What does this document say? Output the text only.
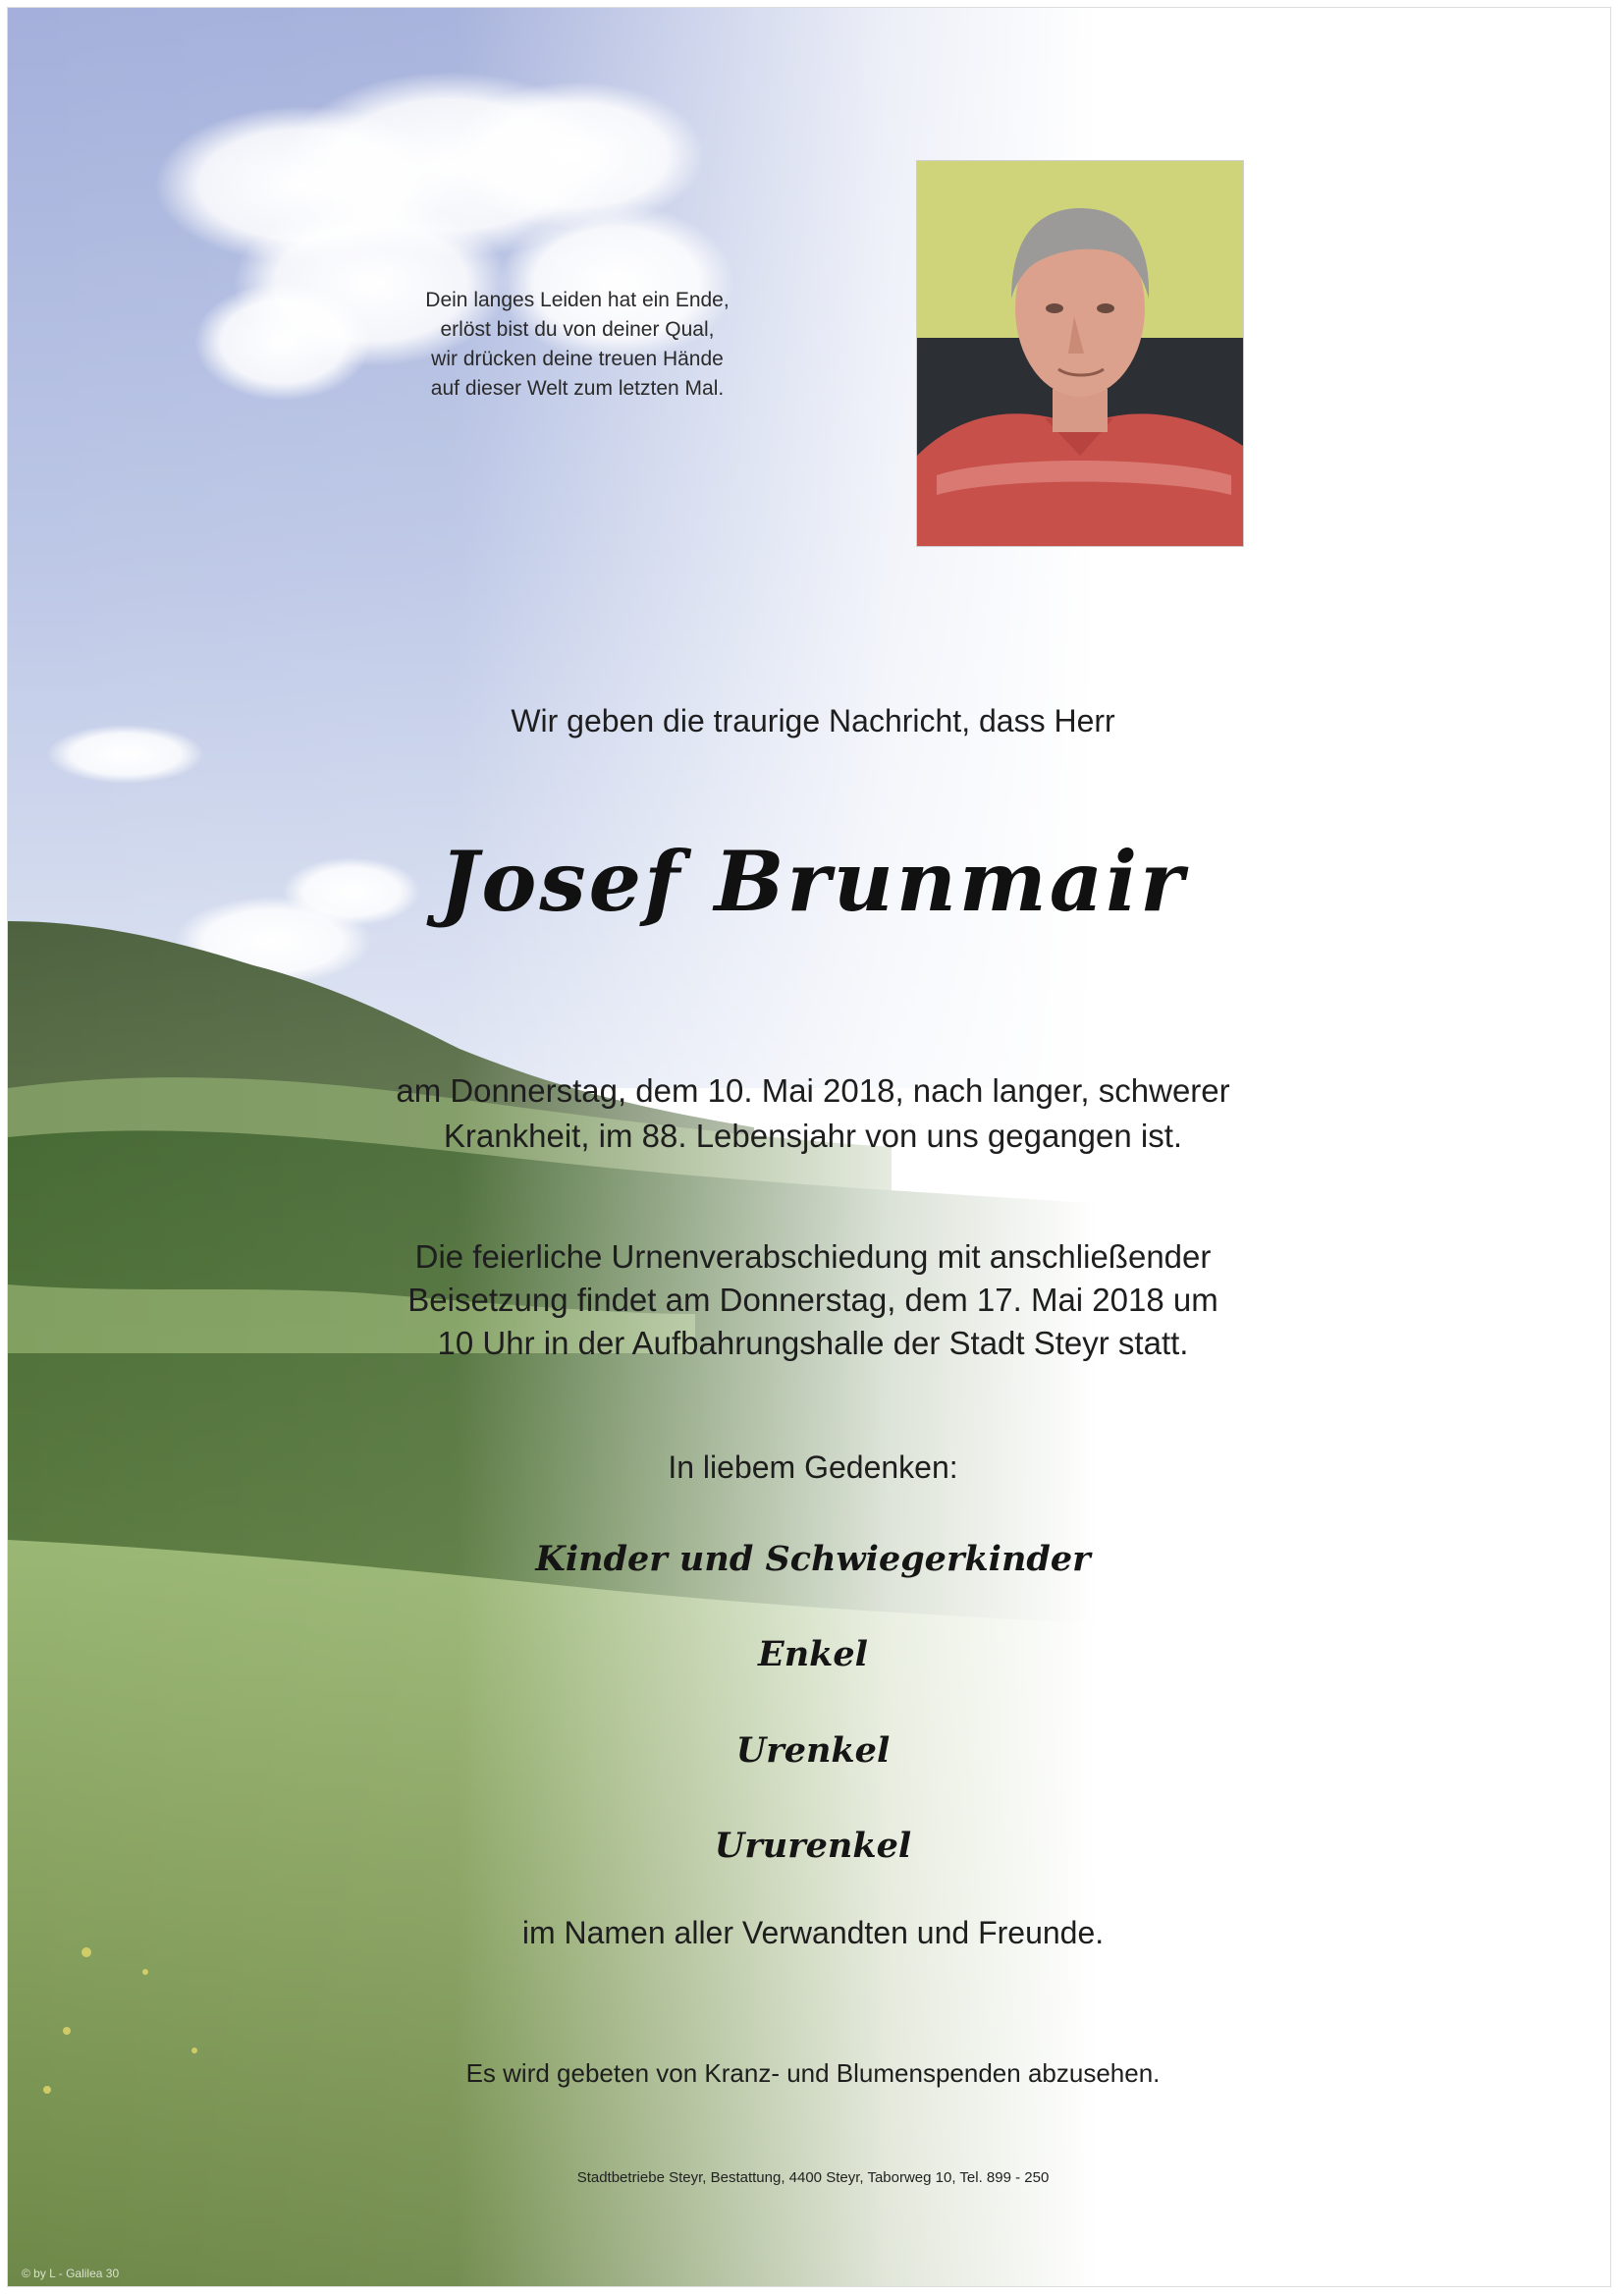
Dein langes Leiden hat ein Ende,
erlöst bist du von deiner Qual,
wir drücken deine treuen Hände
auf dieser Welt zum letzten Mal.
Wir geben die traurige Nachricht, dass Herr
Josef Brunmair
am Donnerstag, dem 10. Mai 2018, nach langer, schwerer
Krankheit, im 88. Lebensjahr von uns gegangen ist.
Die feierliche Urnenverabschiedung mit anschließender
Beisetzung findet am Donnerstag, dem 17. Mai 2018 um
10 Uhr in der Aufbahrungshalle der Stadt Steyr statt.
In liebem Gedenken:
Kinder und Schwiegerkinder
Enkel
Urenkel
Ururenkel
im Namen aller Verwandten und Freunde.
Es wird gebeten von Kranz- und Blumenspenden abzusehen.
Stadtbetriebe Steyr, Bestattung, 4400 Steyr, Taborweg 10, Tel. 899 - 250
© by L - Galilea 30
